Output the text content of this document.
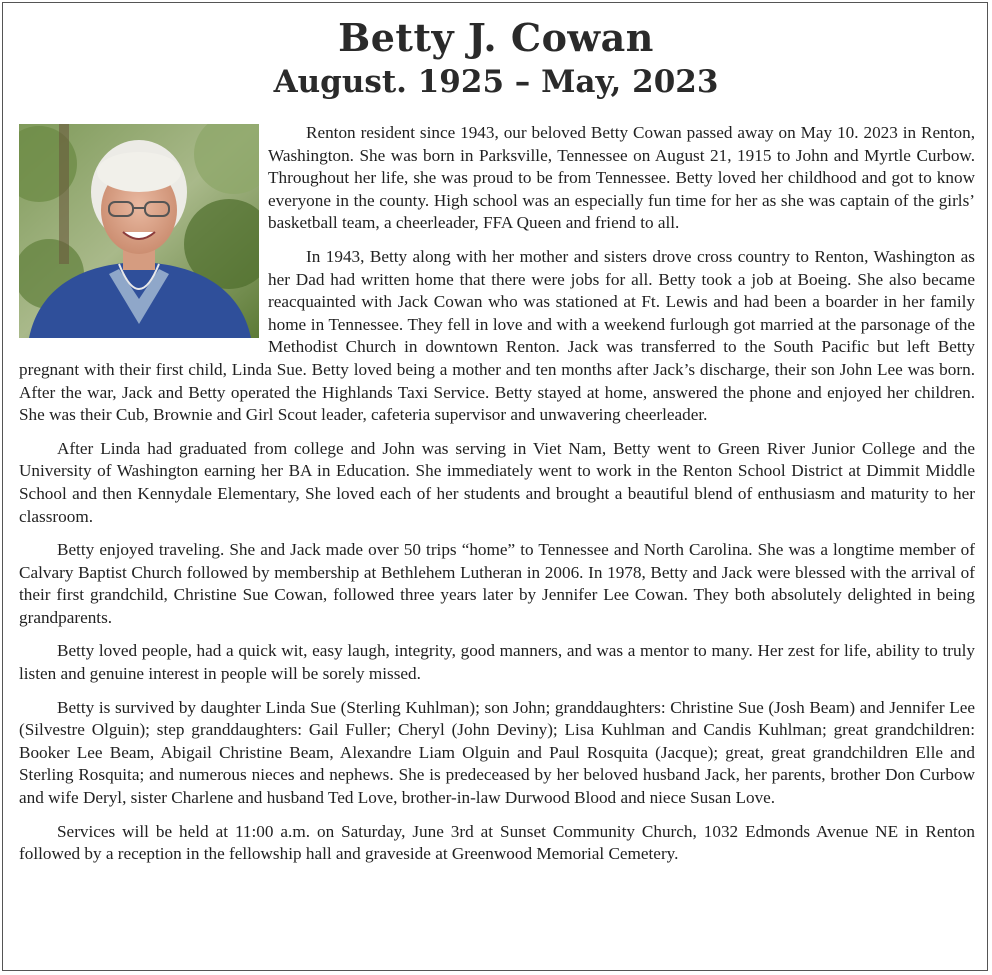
Betty J. Cowan
August. 1925 – May, 2023

Renton resident since 1943, our beloved Betty Cowan passed away on May 10. 2023 in Renton, Washington. She was born in Parksville, Tennessee on August 21, 1915 to John and Myrtle Curbow. Throughout her life, she was proud to be from Tennessee. Betty loved her childhood and got to know everyone in the county. High school was an especially fun time for her as she was captain of the girls’ basketball team, a cheerleader, FFA Queen and friend to all.

In 1943, Betty along with her mother and sisters drove cross country to Renton, Washington as her Dad had written home that there were jobs for all. Betty took a job at Boeing. She also became reacquainted with Jack Cowan who was stationed at Ft. Lewis and had been a boarder in her family home in Tennessee. They fell in love and with a weekend furlough got married at the parsonage of the Methodist Church in downtown Renton. Jack was transferred to the South Pacific but left Betty pregnant with their first child, Linda Sue. Betty loved being a mother and ten months after Jack’s discharge, their son John Lee was born. After the war, Jack and Betty operated the Highlands Taxi Service. Betty stayed at home, answered the phone and enjoyed her children. She was their Cub, Brownie and Girl Scout leader, cafeteria supervisor and unwavering cheerleader.

After Linda had graduated from college and John was serving in Viet Nam, Betty went to Green River Junior College and the University of Washington earning her BA in Education. She immediately went to work in the Renton School District at Dimmit Middle School and then Kennydale Elementary, She loved each of her students and brought a beautiful blend of enthusiasm and maturity to her classroom.

Betty enjoyed traveling. She and Jack made over 50 trips “home” to Tennessee and North Carolina. She was a longtime member of Calvary Baptist Church followed by membership at Bethlehem Lutheran in 2006. In 1978, Betty and Jack were blessed with the arrival of their first grandchild, Christine Sue Cowan, followed three years later by Jennifer Lee Cowan. They both absolutely delighted in being grandparents.

Betty loved people, had a quick wit, easy laugh, integrity, good manners, and was a mentor to many. Her zest for life, ability to truly listen and genuine interest in people will be sorely missed.

Betty is survived by daughter Linda Sue (Sterling Kuhlman); son John; granddaughters: Christine Sue (Josh Beam) and Jennifer Lee (Silvestre Olguin); step granddaughters: Gail Fuller; Cheryl (John Deviny); Lisa Kuhlman and Candis Kuhlman; great grandchildren: Booker Lee Beam, Abigail Christine Beam, Alexandre Liam Olguin and Paul Rosquita (Jacque); great, great grandchildren Elle and Sterling Rosquita; and numerous nieces and nephews. She is predeceased by her beloved husband Jack, her parents, brother Don Curbow and wife Deryl, sister Charlene and husband Ted Love, brother-in-law Durwood Blood and niece Susan Love.

Services will be held at 11:00 a.m. on Saturday, June 3rd at Sunset Community Church, 1032 Edmonds Avenue NE in Renton followed by a reception in the fellowship hall and graveside at Greenwood Memorial Cemetery.
